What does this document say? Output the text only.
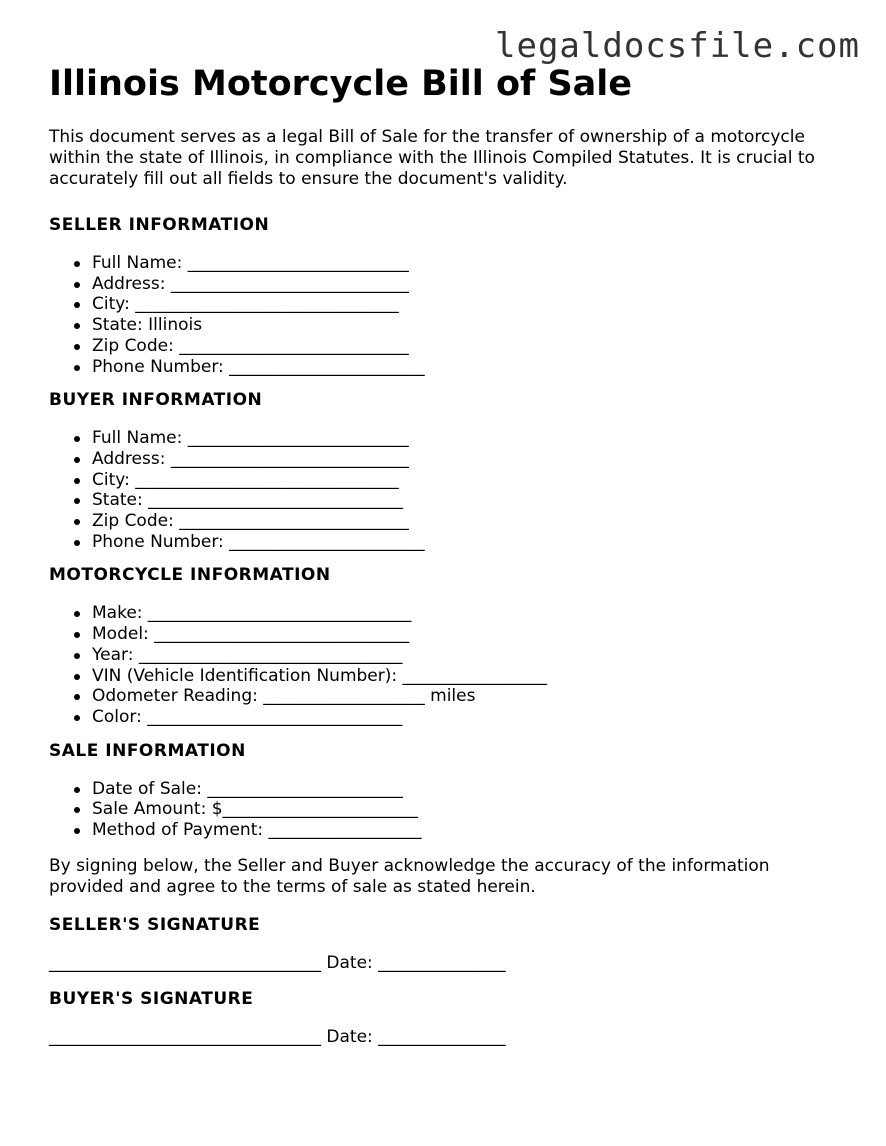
legaldocsfile.com
Illinois Motorcycle Bill of Sale

This document serves as a legal Bill of Sale for the transfer of ownership of a motorcycle within the state of Illinois, in compliance with the Illinois Compiled Statutes. It is crucial to accurately fill out all fields to ensure the document's validity.

SELLER INFORMATION
Full Name: __________________________
Address: ____________________________
City: _______________________________
State: Illinois
Zip Code: ___________________________
Phone Number: _______________________
BUYER INFORMATION
Full Name: __________________________
Address: ____________________________
City: _______________________________
State: ______________________________
Zip Code: ___________________________
Phone Number: _______________________
MOTORCYCLE INFORMATION
Make: _______________________________
Model: ______________________________
Year: _______________________________
VIN (Vehicle Identification Number): _________________
Odometer Reading: ___________________ miles
Color: ______________________________
SALE INFORMATION
Date of Sale: _______________________
Sale Amount: $_______________________
Method of Payment: __________________

By signing below, the Seller and Buyer acknowledge the accuracy of the information provided and agree to the terms of sale as stated herein.

SELLER'S SIGNATURE
________________________________ Date: _______________
BUYER'S SIGNATURE
________________________________ Date: _______________
